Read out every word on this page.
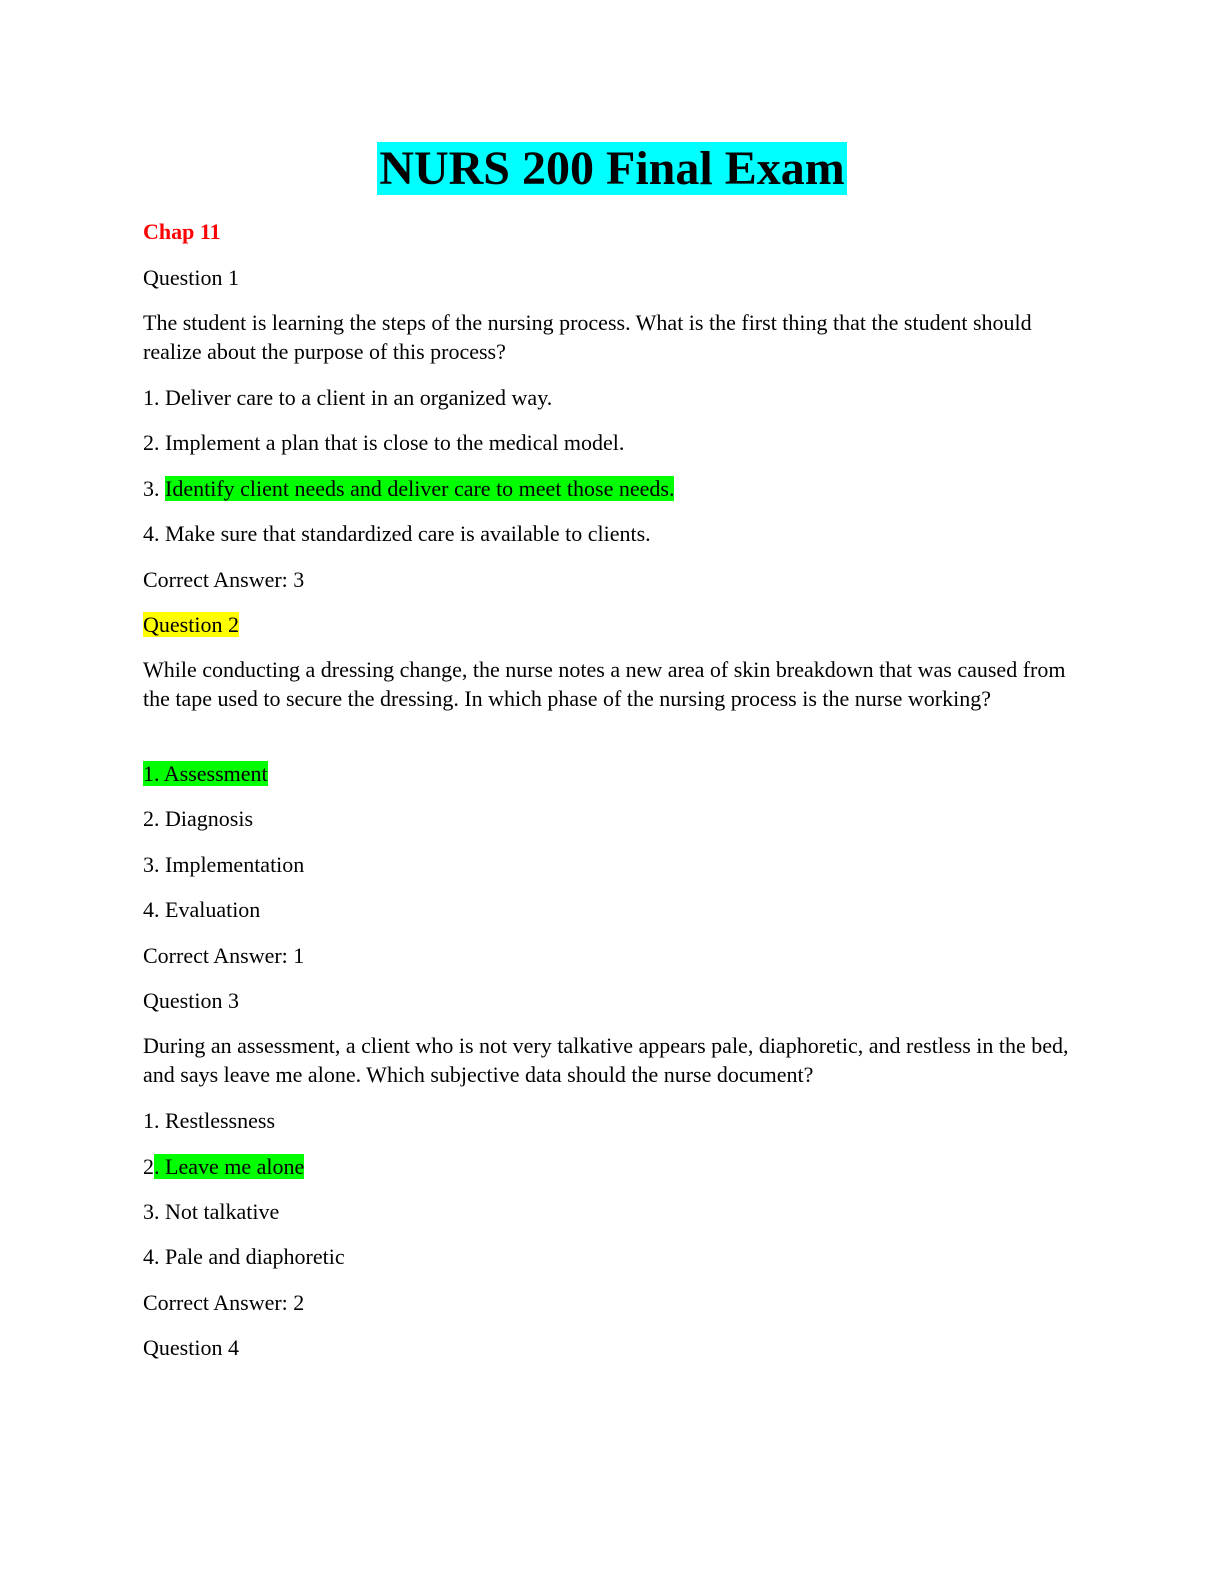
NURS 200 Final Exam

Chap 11

Question 1

The student is learning the steps of the nursing process. What is the first thing that the student should realize about the purpose of this process?

1. Deliver care to a client in an organized way.

2. Implement a plan that is close to the medical model.

3. Identify client needs and deliver care to meet those needs.

4. Make sure that standardized care is available to clients.

Correct Answer: 3

Question 2

While conducting a dressing change, the nurse notes a new area of skin breakdown that was caused from the tape used to secure the dressing. In which phase of the nursing process is the nurse working?

1. Assessment

2. Diagnosis

3. Implementation

4. Evaluation

Correct Answer: 1

Question 3

During an assessment, a client who is not very talkative appears pale, diaphoretic, and restless in the bed, and says leave me alone. Which subjective data should the nurse document?

1. Restlessness

2. Leave me alone

3. Not talkative

4. Pale and diaphoretic

Correct Answer: 2

Question 4
